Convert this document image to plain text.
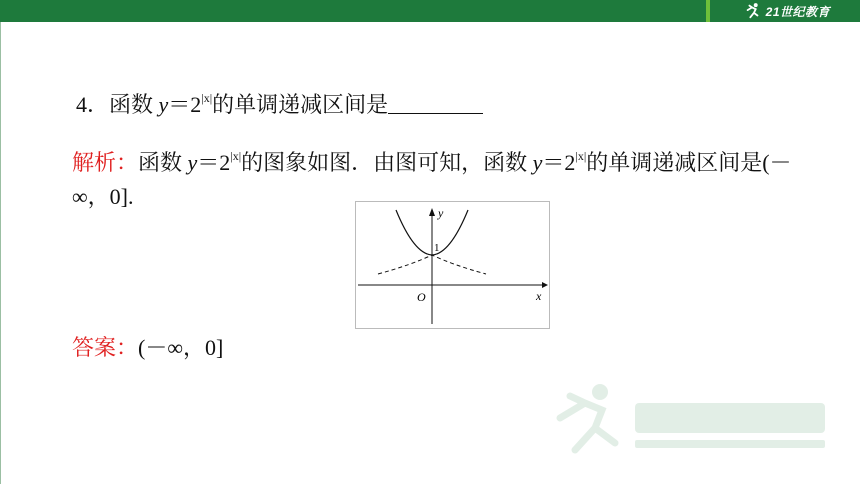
21世纪教育
4．函数 $y=2^{|x|}$的单调递减区间是
解析：函数 $y=2^{|x|}$的图象如图．由图可知，函数 $y=2^{|x|}$的单调递减区间是(－∞，0].
y
x
O
1
答案：(－∞，0]
